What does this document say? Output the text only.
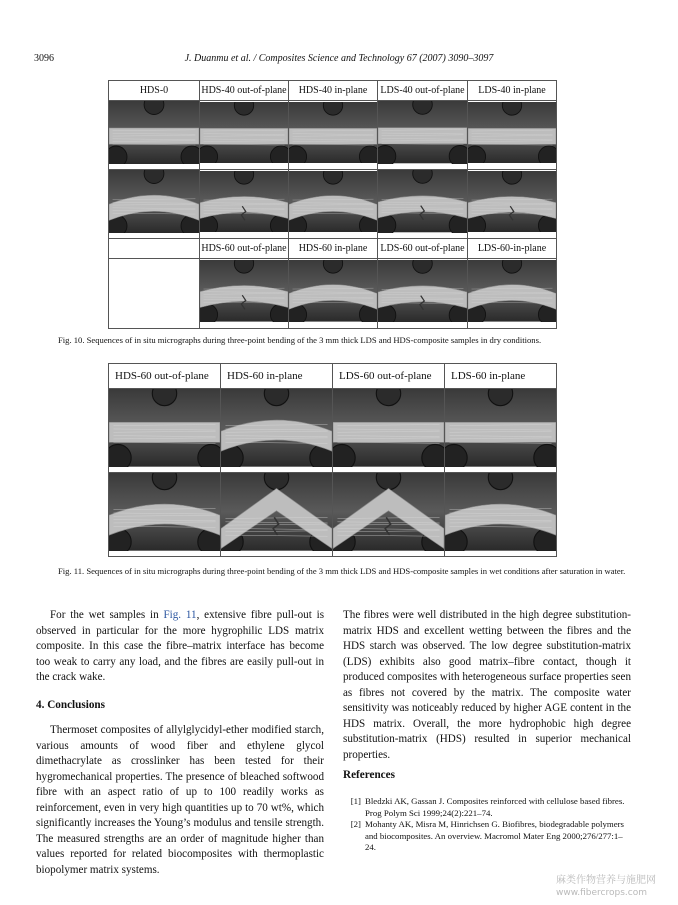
3096	J. Duanmu et al. / Composites Science and Technology 67 (2007) 3090–3097
HDS-0	HDS-40 out-of-plane	HDS-40 in-plane	LDS-40 out-of-plane	LDS-40 in-plane

	HDS-60 out-of-plane	HDS-60 in-plane	LDS-60 out-of-plane	LDS-60-in-plane

Fig. 10. Sequences of in situ micrographs during three-point bending of the 3 mm thick LDS and HDS-composite samples in dry conditions.
HDS-60 out-of-plane	HDS-60 in-plane	LDS-60 out-of-plane	LDS-60 in-plane

Fig. 11. Sequences of in situ micrographs during three-point bending of the 3 mm thick LDS and HDS-composite samples in wet conditions after saturation in water.

For the wet samples in Fig. 11, extensive fibre pull-out is observed in particular for the more hygrophilic LDS matrix composite. In this case the fibre–matrix interface has become too weak to carry any load, and the fibres are easily pull-out in the crack wake.

4. Conclusions

Thermoset composites of allylglycidyl-ether modified starch, various amounts of wood fiber and ethylene glycol dimethacrylate as crosslinker has been tested for their hygromechanical properties. The presence of bleached softwood fibre with an aspect ratio of up to 100 readily works as reinforcement, even in very high quantities up to 70 wt%, which significantly increases the Young’s modulus and tensile strength. The measured strengths are an order of magnitude higher than values reported for related biocomposites with thermoplastic biopolymer matrix systems.

The fibres were well distributed in the high degree substitution-matrix HDS and excellent wetting between the fibres and the HDS starch was observed. The low degree substitution-matrix (LDS) exhibits also good matrix–fibre contact, though it produced composites with heterogeneous surface properties seen as fibres not covered by the matrix. The composite water sensitivity was noticeably reduced by higher AGE content in the HDS matrix. Overall, the more hydrophobic high degree substitution-matrix (HDS) resulted in superior mechanical properties.

References
[1] Bledzki AK, Gassan J. Composites reinforced with cellulose based fibres. Prog Polym Sci 1999;24(2):221–74.
[2] Mohanty AK, Misra M, Hinrichsen G. Biofibres, biodegradable polymers and biocomposites. An overview. Macromol Mater Eng 2000;276/277:1–24.
麻类作物营养与施肥网
www.fibercrops.com
